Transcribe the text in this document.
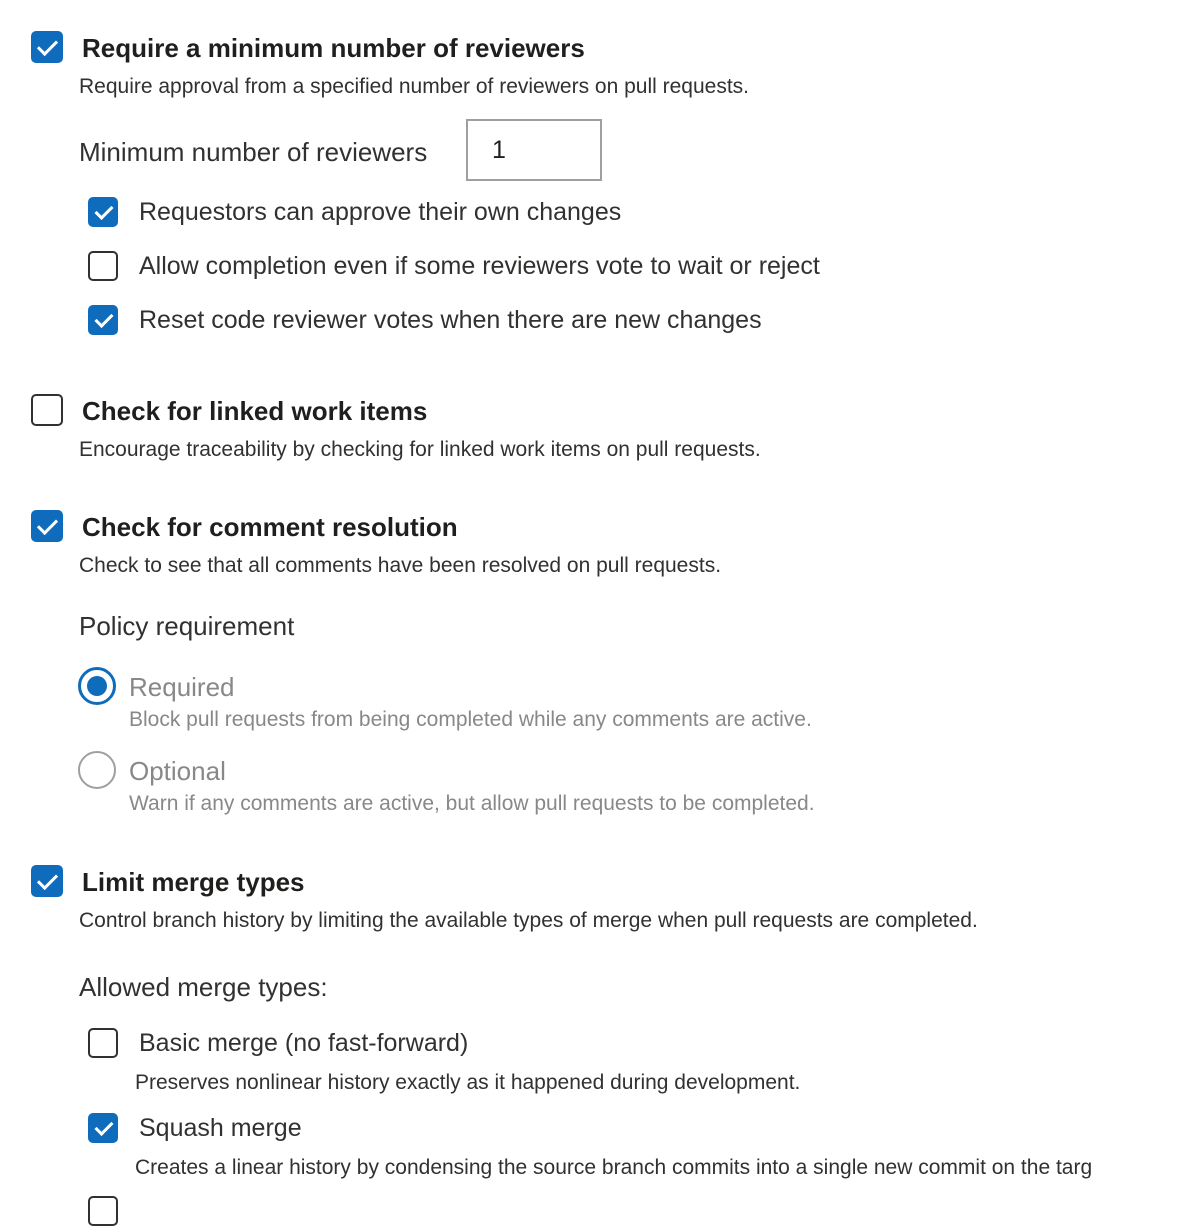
Require a minimum number of reviewers
Require approval from a specified number of reviewers on pull requests.
Minimum number of reviewers	1
Requestors can approve their own changes
Allow completion even if some reviewers vote to wait or reject
Reset code reviewer votes when there are new changes
Check for linked work items
Encourage traceability by checking for linked work items on pull requests.
Check for comment resolution
Check to see that all comments have been resolved on pull requests.
Policy requirement
Required
Block pull requests from being completed while any comments are active.
Optional
Warn if any comments are active, but allow pull requests to be completed.
Limit merge types
Control branch history by limiting the available types of merge when pull requests are completed.
Allowed merge types:
Basic merge (no fast-forward)
Preserves nonlinear history exactly as it happened during development.
Squash merge
Creates a linear history by condensing the source branch commits into a single new commit on the targ
